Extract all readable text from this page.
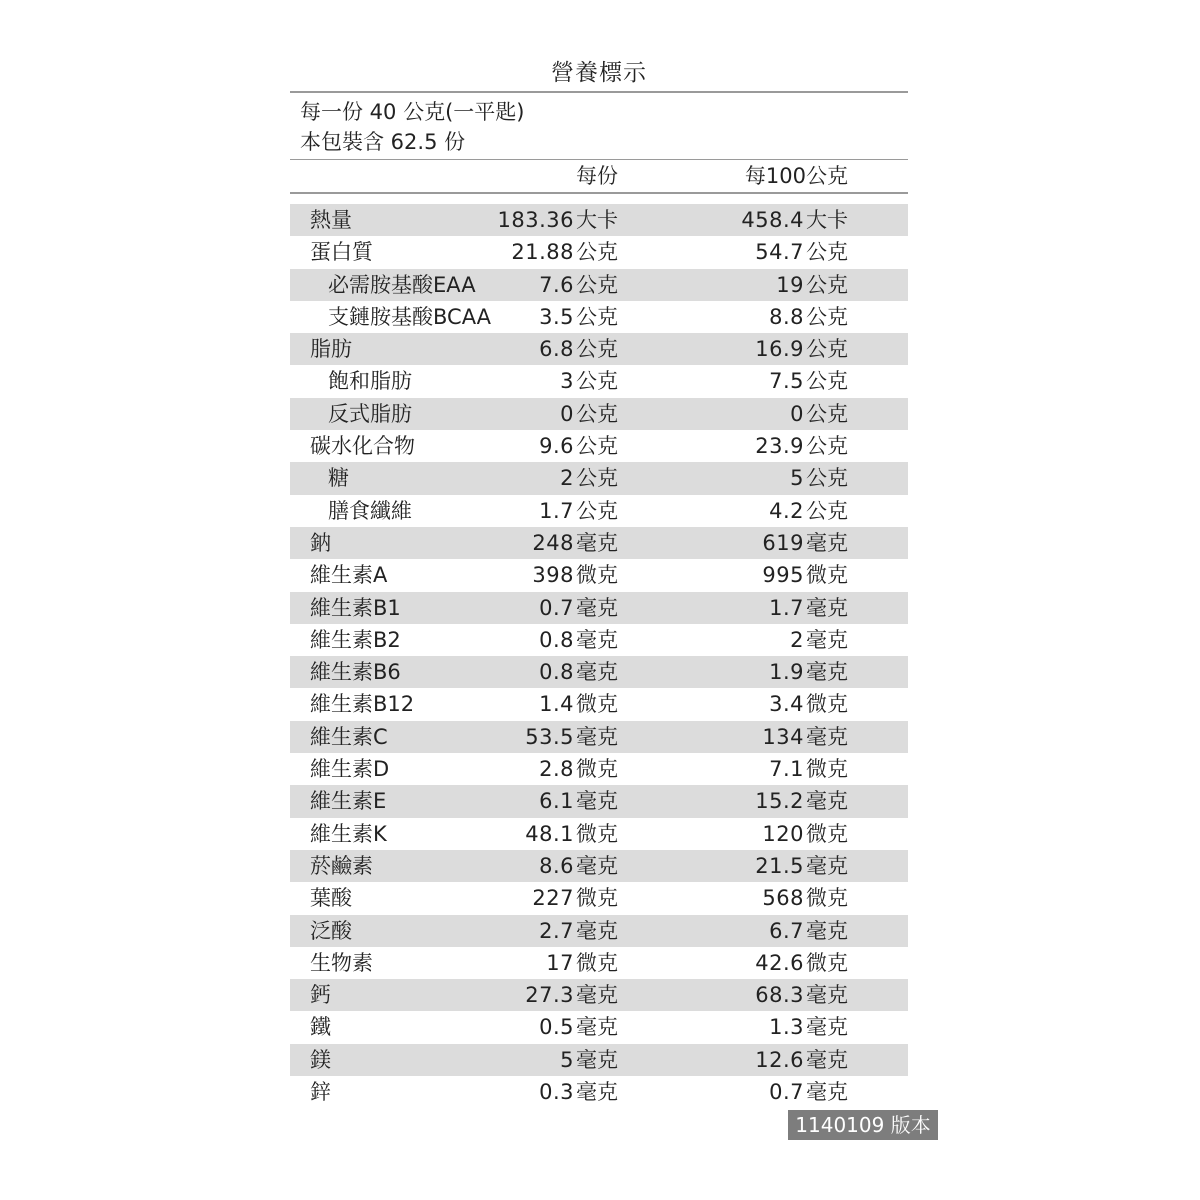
營養標示
每一份 40 公克(一平匙)
本包裝含 62.5 份
每份	每100公克
熱量	183.36大卡	458.4大卡
蛋白質	21.88公克	54.7公克
必需胺基酸EAA	7.6公克	19公克
支鏈胺基酸BCAA 3.5公克	8.8公克
脂肪	6.8公克	16.9公克
飽和脂肪	3公克	7.5公克
反式脂肪	0公克	0公克
碳水化合物	9.6公克	23.9公克
糖	2公克	5公克
膳食纖維	1.7公克	4.2公克
鈉	248毫克	619毫克
維生素A	398微克	995微克
維生素B1	0.7毫克	1.7毫克
維生素B2	0.8毫克	2毫克
維生素B6	0.8毫克	1.9毫克
維生素B12	1.4微克	3.4微克
維生素C	53.5毫克	134毫克
維生素D	2.8微克	7.1微克
維生素E	6.1毫克	15.2毫克
維生素K	48.1微克	120微克
菸鹼素	8.6毫克	21.5毫克
葉酸	227微克	568微克
泛酸	2.7毫克	6.7毫克
生物素	17微克	42.6微克
鈣	27.3毫克	68.3毫克
鐵	0.5毫克	1.3毫克
鎂	5毫克	12.6毫克
鋅	0.3毫克	0.7毫克
1140109 版本
